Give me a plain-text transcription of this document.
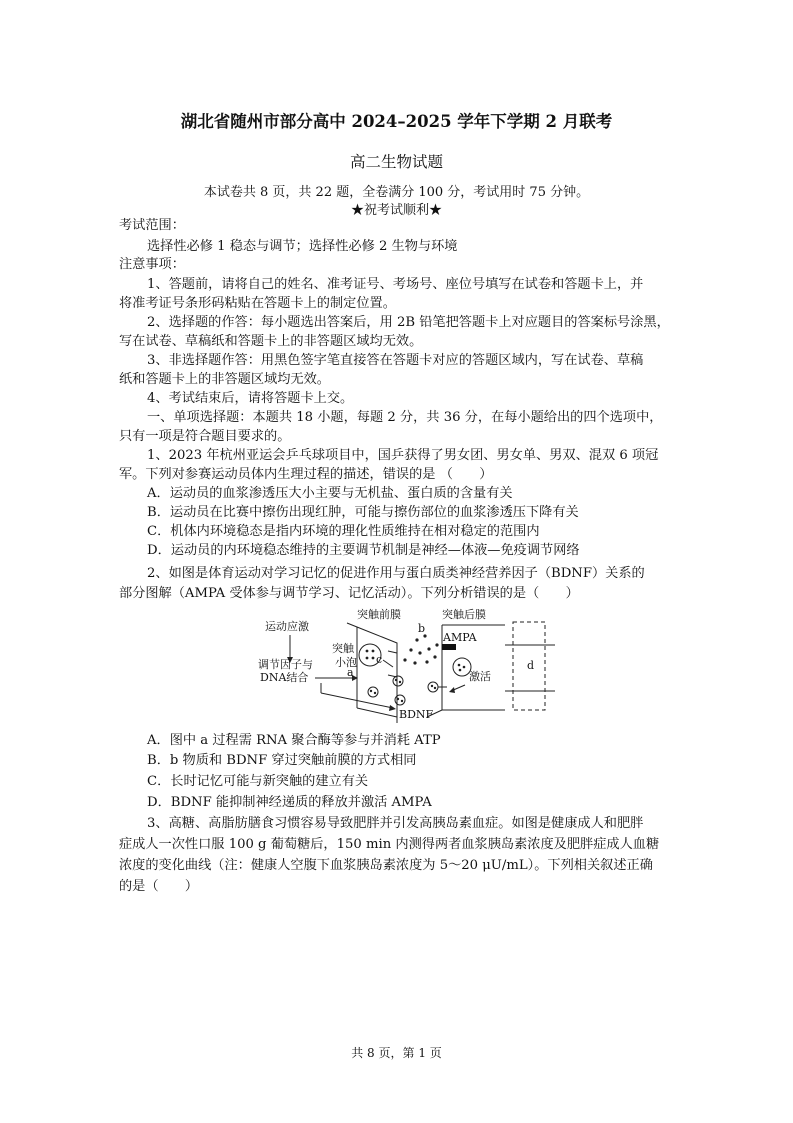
湖北省随州市部分高中 2024–2025 学年下学期 2 月联考
高二生物试题
本试卷共 8 页，共 22 题，全卷满分 100 分，考试用时 75 分钟。
★祝考试顺利★
考试范围：
选择性必修 1 稳态与调节；选择性必修 2 生物与环境
注意事项：
1、答题前，请将自己的姓名、准考证号、考场号、座位号填写在试卷和答题卡上，并
将准考证号条形码粘贴在答题卡上的制定位置。
2、选择题的作答：每小题选出答案后，用 2B 铅笔把答题卡上对应题目的答案标号涂黑，
写在试卷、草稿纸和答题卡上的非答题区域均无效。
3、非选择题作答：用黑色签字笔直接答在答题卡对应的答题区域内，写在试卷、草稿
纸和答题卡上的非答题区域均无效。
4、考试结束后，请将答题卡上交。
一、单项选择题：本题共 18 小题，每题 2 分，共 36 分，在每小题给出的四个选项中，
只有一项是符合题目要求的。
1、2023 年杭州亚运会乒乓球项目中，国乒获得了男女团、男女单、男双、混双 6 项冠
军。下列对参赛运动员体内生理过程的描述，错误的是 （　　）
A．运动员的血浆渗透压大小主要与无机盐、蛋白质的含量有关
B．运动员在比赛中擦伤出现红肿，可能与擦伤部位的血浆渗透压下降有关
C．机体内环境稳态是指内环境的理化性质维持在相对稳定的范围内
D．运动员的内环境稳态维持的主要调节机制是神经—体液—免疫调节网络
2、如图是体育运动对学习记忆的促进作用与蛋白质类神经营养因子（BDNF）关系的
部分图解（AMPA 受体参与调节学习、记忆活动）。下列分析错误的是（　　）
运动应激
调节因子与
DNA结合
突触前膜	突触后膜
突触
小泡
a
b
c	d
AMPA
激活
BDNF
A．图中 a 过程需 RNA 聚合酶等参与并消耗 ATP
B．b 物质和 BDNF 穿过突触前膜的方式相同
C．长时记忆可能与新突触的建立有关
D．BDNF 能抑制神经递质的释放并激活 AMPA
3、高糖、高脂肪膳食习惯容易导致肥胖并引发高胰岛素血症。如图是健康成人和肥胖
症成人一次性口服 100 g 葡萄糖后，150 min 内测得两者血浆胰岛素浓度及肥胖症成人血糖
浓度的变化曲线（注：健康人空腹下血浆胰岛素浓度为 5～20 μU/mL）。下列相关叙述正确
的是（　　）
共 8 页，第 1 页
